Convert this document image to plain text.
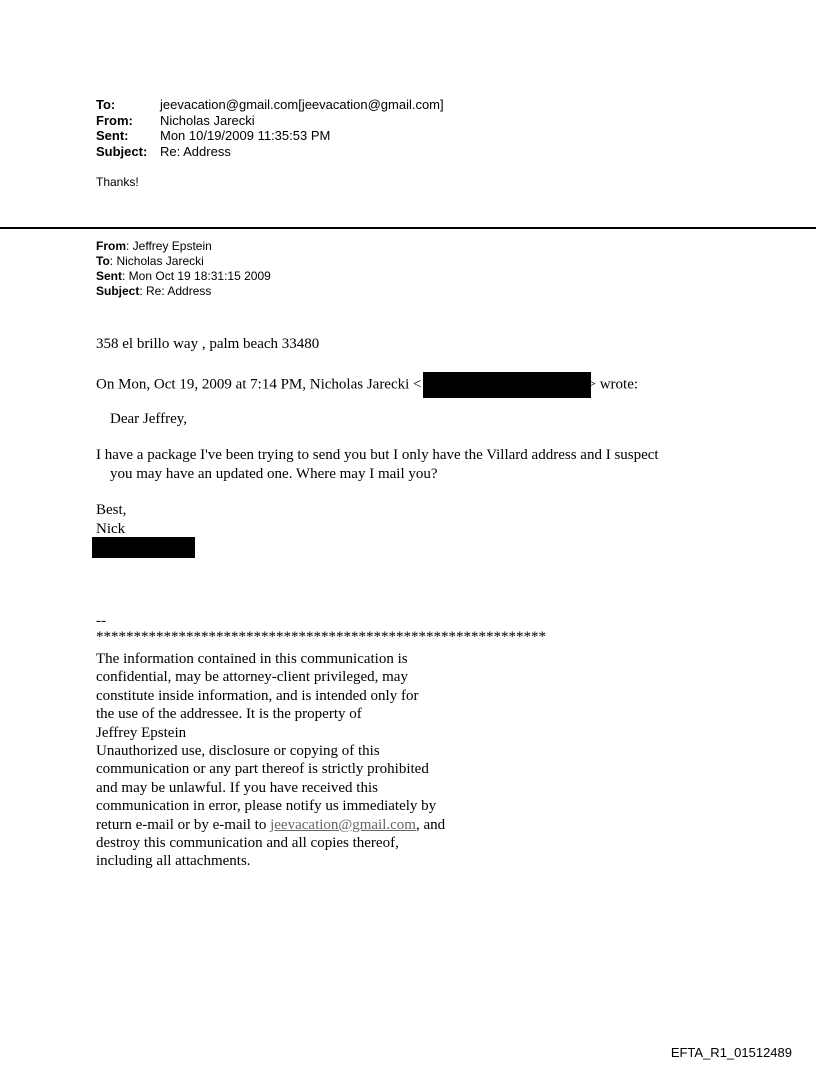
To:	jeevacation@gmail.com[jeevacation@gmail.com]
From:	Nicholas Jarecki
Sent:	Mon 10/19/2009 11:35:53 PM
Subject: Re: Address
Thanks!
From: Jeffrey Epstein
To: Nicholas Jarecki
Sent: Mon Oct 19 18:31:15 2009
Subject: Re: Address
358 el brillo way , palm beach 33480
On Mon, Oct 19, 2009 at 7:14 PM, Nicholas Jarecki <	> wrote:
Dear Jeffrey,
I have a package I've been trying to send you but I only have the Villard address and I suspect
you may have an updated one. Where may I mail you?
Best,
Nick
--
************************************************************
The information contained in this communication is
confidential, may be attorney-client privileged, may
constitute inside information, and is intended only for
the use of the addressee. It is the property of
Jeffrey Epstein
Unauthorized use, disclosure or copying of this
communication or any part thereof is strictly prohibited
and may be unlawful. If you have received this
communication in error, please notify us immediately by
return e-mail or by e-mail to jeevacation@gmail.com, and
destroy this communication and all copies thereof,
including all attachments.
EFTA_R1_01512489
